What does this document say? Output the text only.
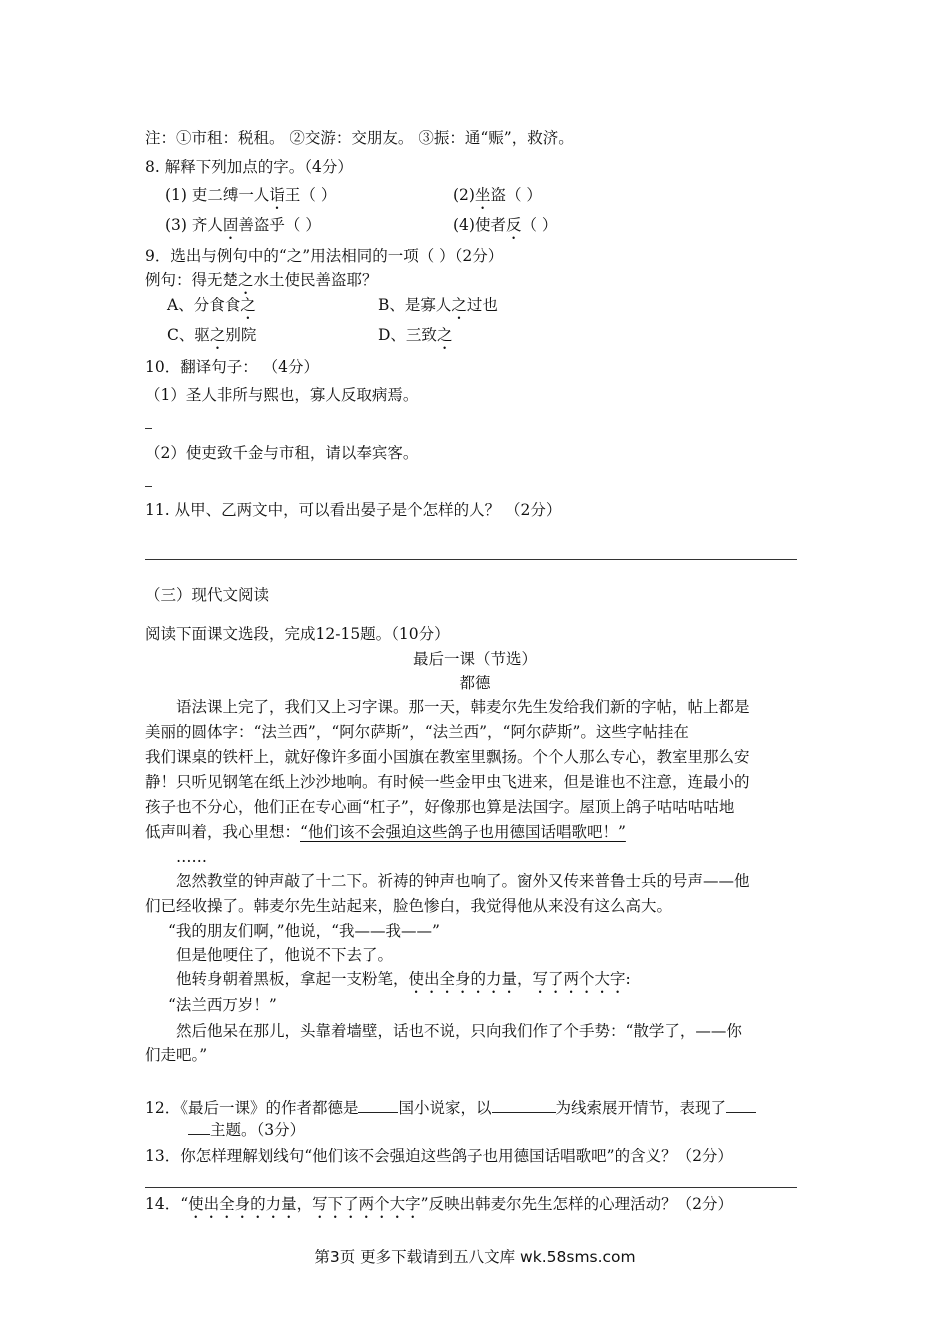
注：①市租：税租。 ②交游：交朋友。 ③振：通“赈”，救济。
8. 解释下列加点的字。（4分）
(1) 吏二缚一人诣王（ ）	(2)坐盗（ ）
(3) 齐人固善盗乎（ ）	(4)使者反（ ）
9．选出与例句中的“之”用法相同的一项（ ）（2分）
例句：得无楚之水土使民善盗耶？
A、分食食之	B、是寡人之过也
C、驱之别院	D、三致之
10．翻译句子： （4分）
（1）圣人非所与熙也，寡人反取病焉。
（2）使吏致千金与市租，请以奉宾客。
11. 从甲、乙两文中，可以看出晏子是个怎样的人？ （2分）
（三）现代文阅读
阅读下面课文选段，完成12-15题。（10分）
最后一课（节选）
都德
语法课上完了，我们又上习字课。那一天，韩麦尔先生发给我们新的字帖，帖上都是
美丽的圆体字：“法兰西”，“阿尔萨斯”，“法兰西”，“阿尔萨斯”。这些字帖挂在
我们课桌的铁杆上，就好像许多面小国旗在教室里飘扬。个个人那么专心，教室里那么安
静！只听见钢笔在纸上沙沙地响。有时候一些金甲虫飞进来，但是谁也不注意，连最小的
孩子也不分心，他们正在专心画“杠子”，好像那也算是法国字。屋顶上鸽子咕咕咕咕地
低声叫着，我心里想：“他们该不会强迫这些鸽子也用德国话唱歌吧！”
……
忽然教堂的钟声敲了十二下。祈祷的钟声也响了。窗外又传来普鲁士兵的号声——他
们已经收操了。韩麦尔先生站起来，脸色惨白，我觉得他从来没有这么高大。
“我的朋友们啊，”他说，“我——我——”
但是他哽住了，他说不下去了。
他转身朝着黑板，拿起一支粉笔，使出全身的力量，写了两个大字:
“法兰西万岁！”
然后他呆在那儿，头靠着墙壁，话也不说，只向我们作了个手势：“散学了，——你
们走吧。”
12．《最后一课》的作者都德是	国小说家，以	为线索展开情节，表现了
主题。（3分）
13．你怎样理解划线句“他们该不会强迫这些鸽子也用德国话唱歌吧”的含义？（2分）
14．“使出全身的力量，写下了两个大字”反映出韩麦尔先生怎样的心理活动？（2分）
第3页 更多下载请到五八文库 wk.58sms.com
